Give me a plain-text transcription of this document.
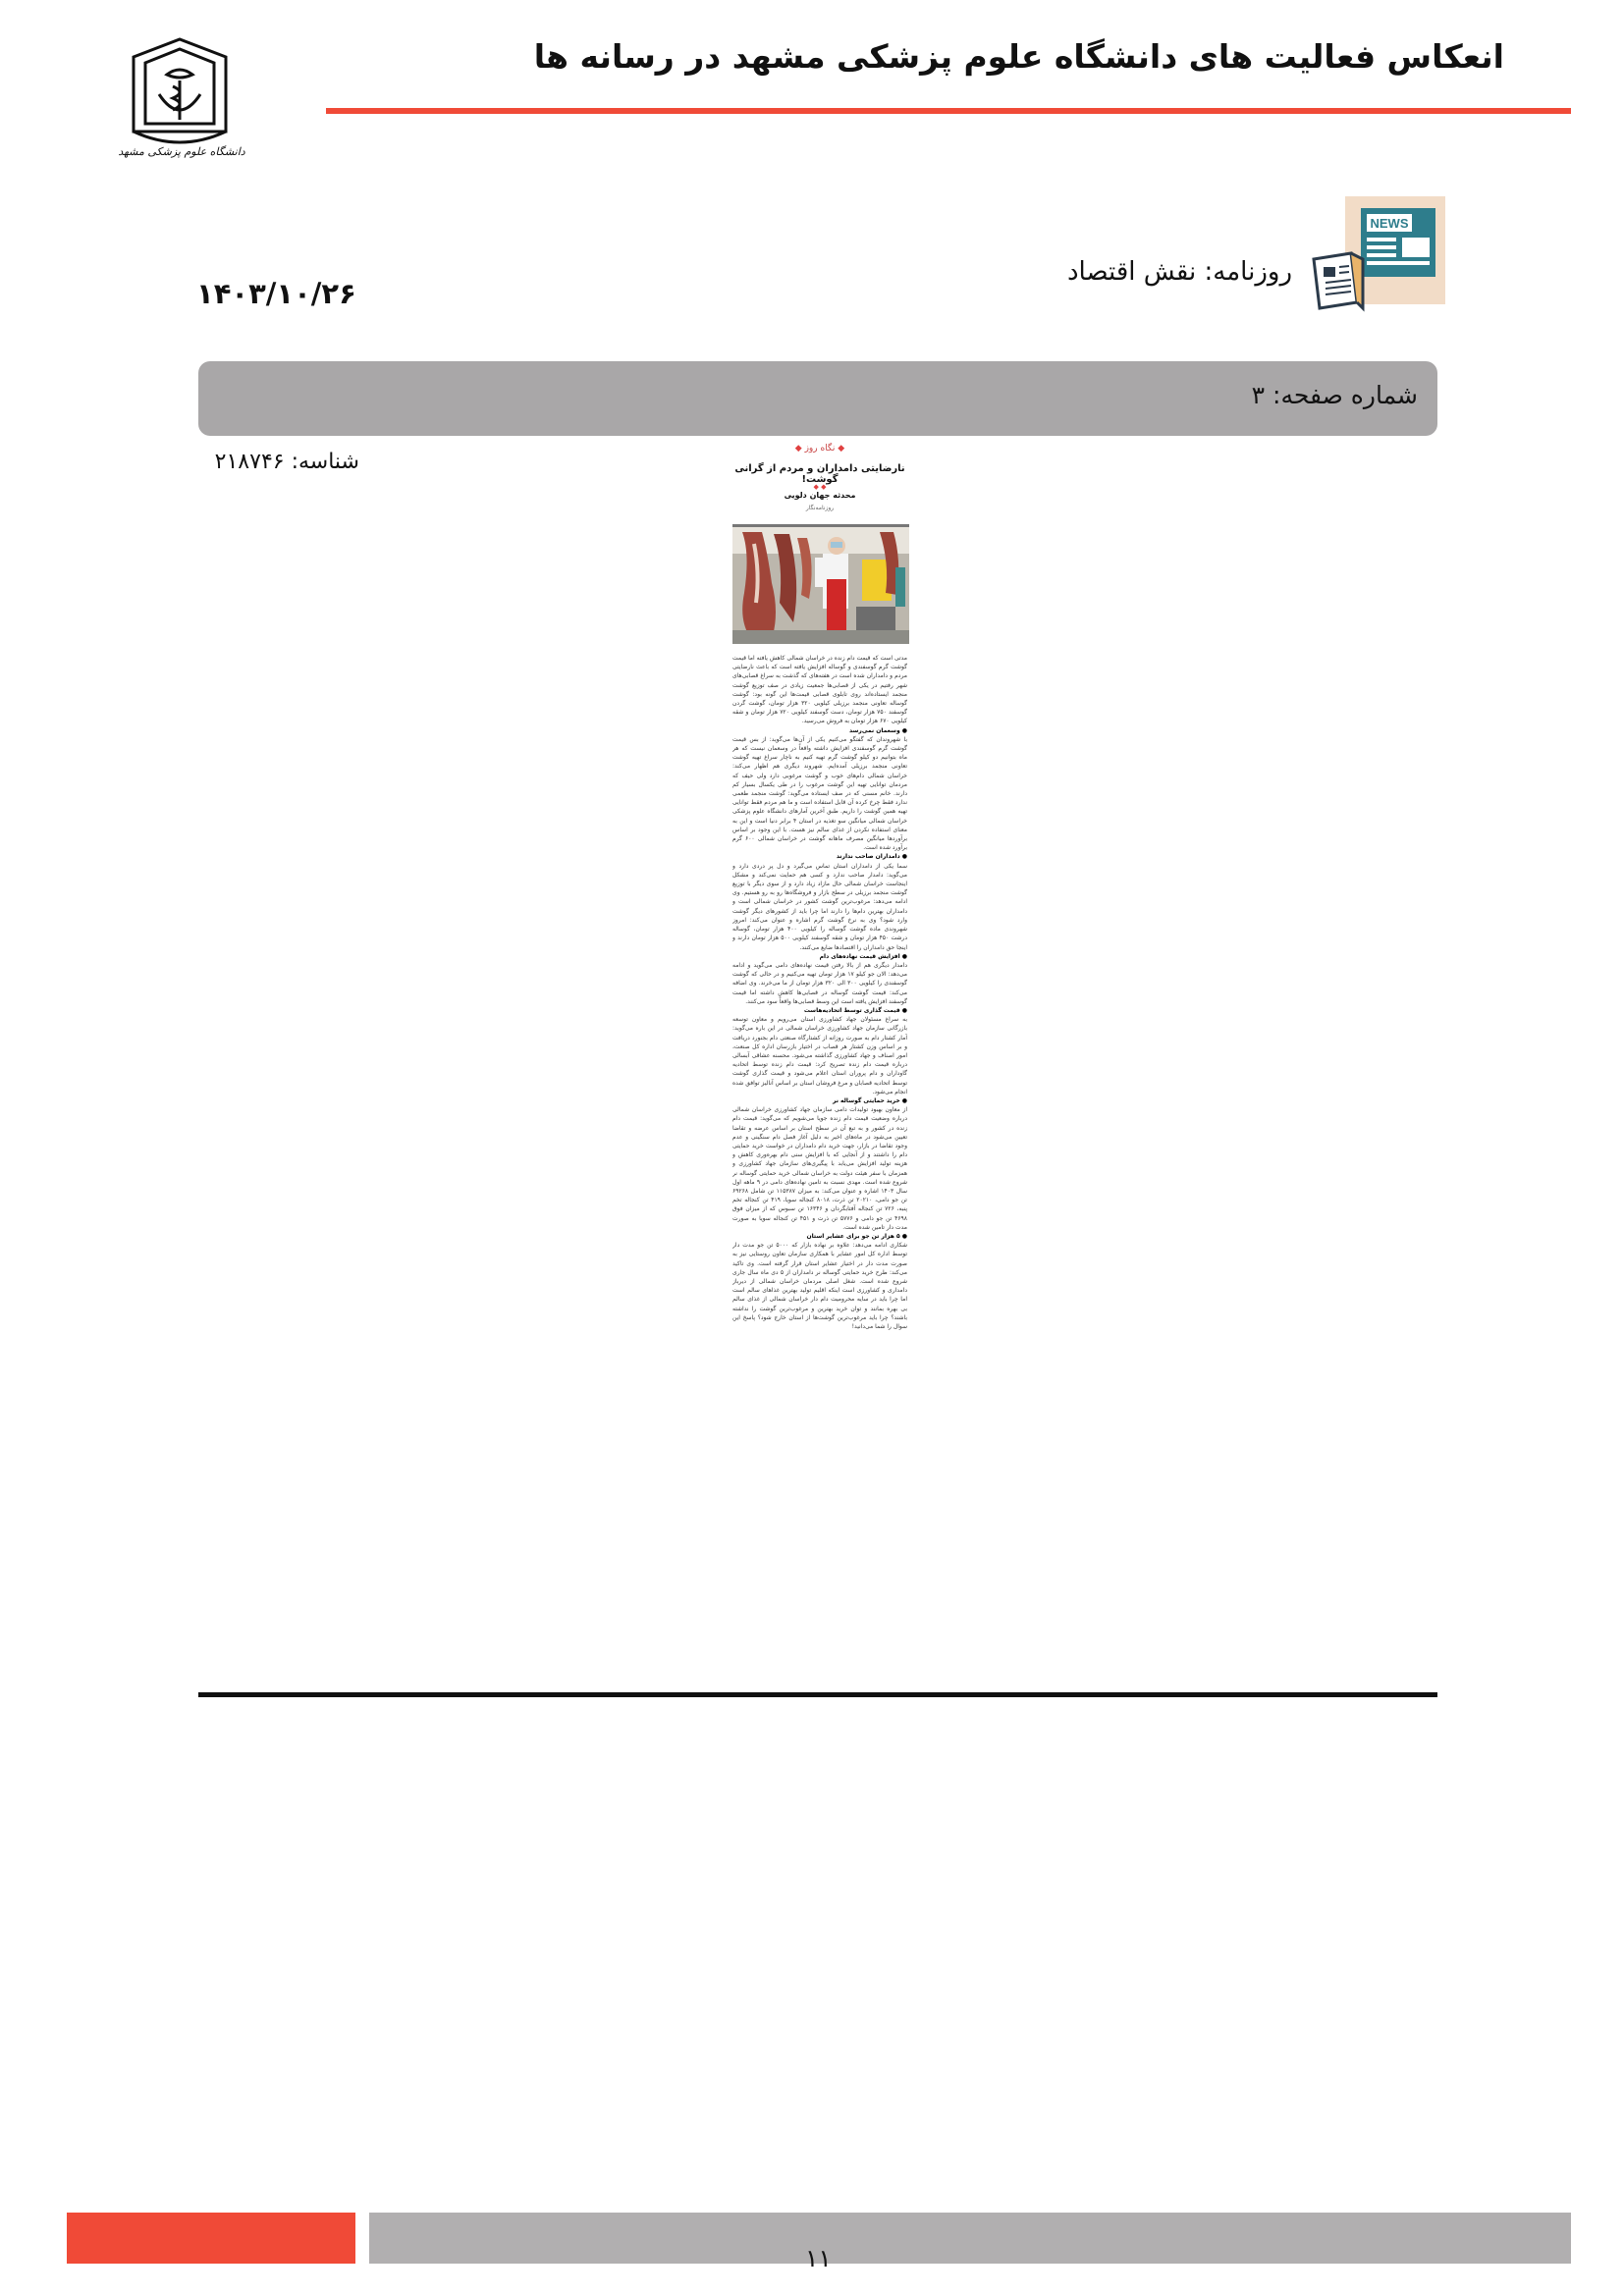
انعکاس فعالیت های دانشگاه علوم پزشکی مشهد در رسانه ها
دانشگاه علوم پزشکی مشهد
NEWS
روزنامه: نقش اقتصاد
۱۴۰۳/۱۰/۲۶
شماره صفحه: ۳
شناسه: ۲۱۸۷۴۶
◆ نگاه روز ◆
نارضایتی دامداران و مردم از گرانی گوشت!
◆ ◆
محدثه جهان دلویی
روزنامه‌نگار
مدتی است که قیمت دام زنده در خراسان شمالی کاهش یافته اما قیمت گوشت گرم گوسفندی و گوساله افزایش یافته است که باعث نارضایتی مردم و دامداران شده است در هفته‌های که گذشت به سراغ قصابی‌های شهر رفتیم در یکی از قصابی‌ها جمعیت زیادی در صف توزیع گوشت منجمد ایستاده‌اند روی تابلوی قصابی قیمت‌ها این گونه بود: گوشت گوساله تعاونی منجمد برزیلی کیلویی ۳۲۰ هزار تومان، گوشت گردن گوسفند ۷۵۰ هزار تومان، دست گوسفند کیلویی ۷۲۰ هزار تومان و شقه کیلویی ۶۷۰ هزار تومان به فروش می‌رسید.
● وسعمان نمی‌رسد
با شهروندان که گفتگو می‌کنیم یکی از آن‌ها می‌گوید: از بس قیمت گوشت گرم گوسفندی افزایش داشته واقعاً در وسعمان نیست که هر ماه بتوانیم دو کیلو گوشت گرم تهیه کنیم به ناچار سراغ تهیه گوشت تعاونی منجمد برزیلی آمده‌ایم. شهروند دیگری هم اظهار می‌کند: خراسان شمالی دام‌های خوب و گوشت مرغوبی دارد ولی حیف که مردمان توانایی تهیه این گوشت مرغوب را در طی یکسال بسیار کم دارند. خانم مسنی که در صف ایستاده می‌گوید: گوشت منجمد طعمی ندارد فقط چرخ کرده آن قابل استفاده است و ما هم مردم فقط توانایی تهیه همین گوشت را داریم. طبق آخرین آمارهای دانشگاه علوم پزشکی خراسان شمالی میانگین سو تغذیه در استان ۴ برابر دنیا است و این به معنای استفاده نکردن از غذای سالم نیز هست. با این وجود بر اساس برآوردها میانگین مصرف ماهانه گوشت در خراسان شمالی ۶۰۰ گرم برآورد شده است.
● دامداران صاحب ندارند
سما یکی از دامداران استان تماس می‌گیرد و دل پر دردی دارد و می‌گوید: دامدار صاحب ندارد و کسی هم حمایت نمی‌کند و مشکل اینجاست خراسان شمالی حال مازاد زیاد دارد و از سوی دیگر با توزیع گوشت منجمد برزیلی در سطح بازار و فروشگاه‌ها رو به رو هستیم. وی ادامه می‌دهد: مرغوب‌ترین گوشت کشور در خراسان شمالی است و دامداران بهترین دام‌ها را دارند اما چرا باید از کشورهای دیگر گوشت وارد شود؟ وی به نرخ گوشت گرم اشاره و عنوان می‌کند: امروز شهروندی ماده گوشت گوساله را کیلویی ۴۰۰ هزار تومان، گوساله درشت ۴۵۰ هزار تومان و شقه گوسفند کیلویی ۵۰۰ هزار تومان دارند و اینجا حق دامداران را اقتصادها ضایع می‌کنند.
● افزایش قیمت نهاده‌های دام
دامدار دیگری هم از بالا رفتن قیمت نهاده‌های دامی می‌گوید و ادامه می‌دهد: الان جو کیلو ۱۷ هزار تومان تهیه می‌کنیم و در حالی که گوشت گوسفندی را کیلویی ۳۰۰ الی ۳۲۰ هزار تومان از ما می‌خرند. وی اضافه می‌کند: قیمت گوشت گوساله در قصابی‌ها کاهش داشته اما قیمت گوسفند افزایش یافته است این وسط قصابی‌ها واقعاً سود می‌کنند.
● قیمت گذاری توسط اتحادیه‌هاست
به سراغ مسئولان جهاد کشاورزی استان می‌رویم و معاون توسعه بازرگانی سازمان جهاد کشاورزی خراسان شمالی در این باره می‌گوید: آمار کشتار دام به صورت روزانه از کشتارگاه صنعتی دام بجنورد دریافت و بر اساس وزن کشتار هر قصاب در اختیار بازرسان اداره کل صنعت، امور اصناف و جهاد کشاورزی گذاشته می‌شود. محسنه عشاقی آبسالی درباره قیمت دام زنده تصریح کرد: قیمت دام زنده توسط اتحادیه گاوداران و دام پروران استان اعلام می‌شود و قیمت گذاری گوشت توسط اتحادیه قصابان و مرغ فروشان استان بر اساس آنالیز توافق شده انجام می‌شود.
● خرید حمایتی گوساله نر
از معاون بهبود تولیدات دامی سازمان جهاد کشاورزی خراسان شمالی درباره وضعیت قیمت دام زنده جویا می‌شویم که می‌گوید: قیمت دام زنده در کشور و به تبع آن در سطح استان بر اساس عرضه و تقاضا تعیین می‌شود در ماه‌های اخیر به دلیل آغاز فصل دام سنگینی و عدم وجود تقاضا در بازار، جهت خرید دام دامداران در خواست خرید حمایتی دام را داشتند و از آنجایی که با افزایش سنی دام بهره‌وری کاهش و هزینه تولید افزایش می‌یابد با پیگیری‌های سازمان جهاد کشاورزی و همزمان با سفر هیئت دولت به خراسان شمالی خرید حمایتی گوساله نر شروع شده است. مهدی نسبت به تامین نهاده‌های دامی در ۹ ماهه اول سال ۱۴۰۳ اشاره و عنوان می‌کند: به میزان ۱۱۵۳۸۷ تن شامل ۶۹۲۶۸ تن جو دامی، ۲۰۲۱۰ تن ذرت، ۸۰۱۸ کنجاله سویا، ۴۱۹ تن کنجاله تخم پنبه، ۷۲۶ تن کنجاله آفتابگردان و ۱۶۳۴۶ تن سبوس که از میزان فوق ۴۶۹۸ تن جو دامی و ۵۷۷۶ تن ذرت و ۴۵۱ تن کنجاله سویا به صورت مدت دار تامین شده است.
● ۵ هزار تن جو برای عشایر استان
شکاری ادامه می‌دهد: علاوه بر نهاده بازار که ۵۰۰۰ تن جو مدت دار توسط اداره کل امور عشایر با همکاری سازمان تعاون روستایی نیز به صورت مدت دار در اختیار عشایر استان قرار گرفته است. وی تاکید می‌کند: طرح خرید حمایتی گوساله نر دامداران از ۵ دی ماه سال جاری شروع شده است. شغل اصلی مردمان خراسان شمالی از دیرباز دامداری و کشاورزی است اینکه اقلیم تولید بهترین غذاهای سالم است اما چرا باید در سایه محرومیت دام دار خراسان شمالی از غذای سالم بی بهره بمانند و توان خرید بهترین و مرغوب‌ترین گوشت را نداشته باشند؟ چرا باید مرغوب‌ترین گوشت‌ها از استان خارج شود؟ پاسخ این سوال را شما می‌دانید!
۱۱
